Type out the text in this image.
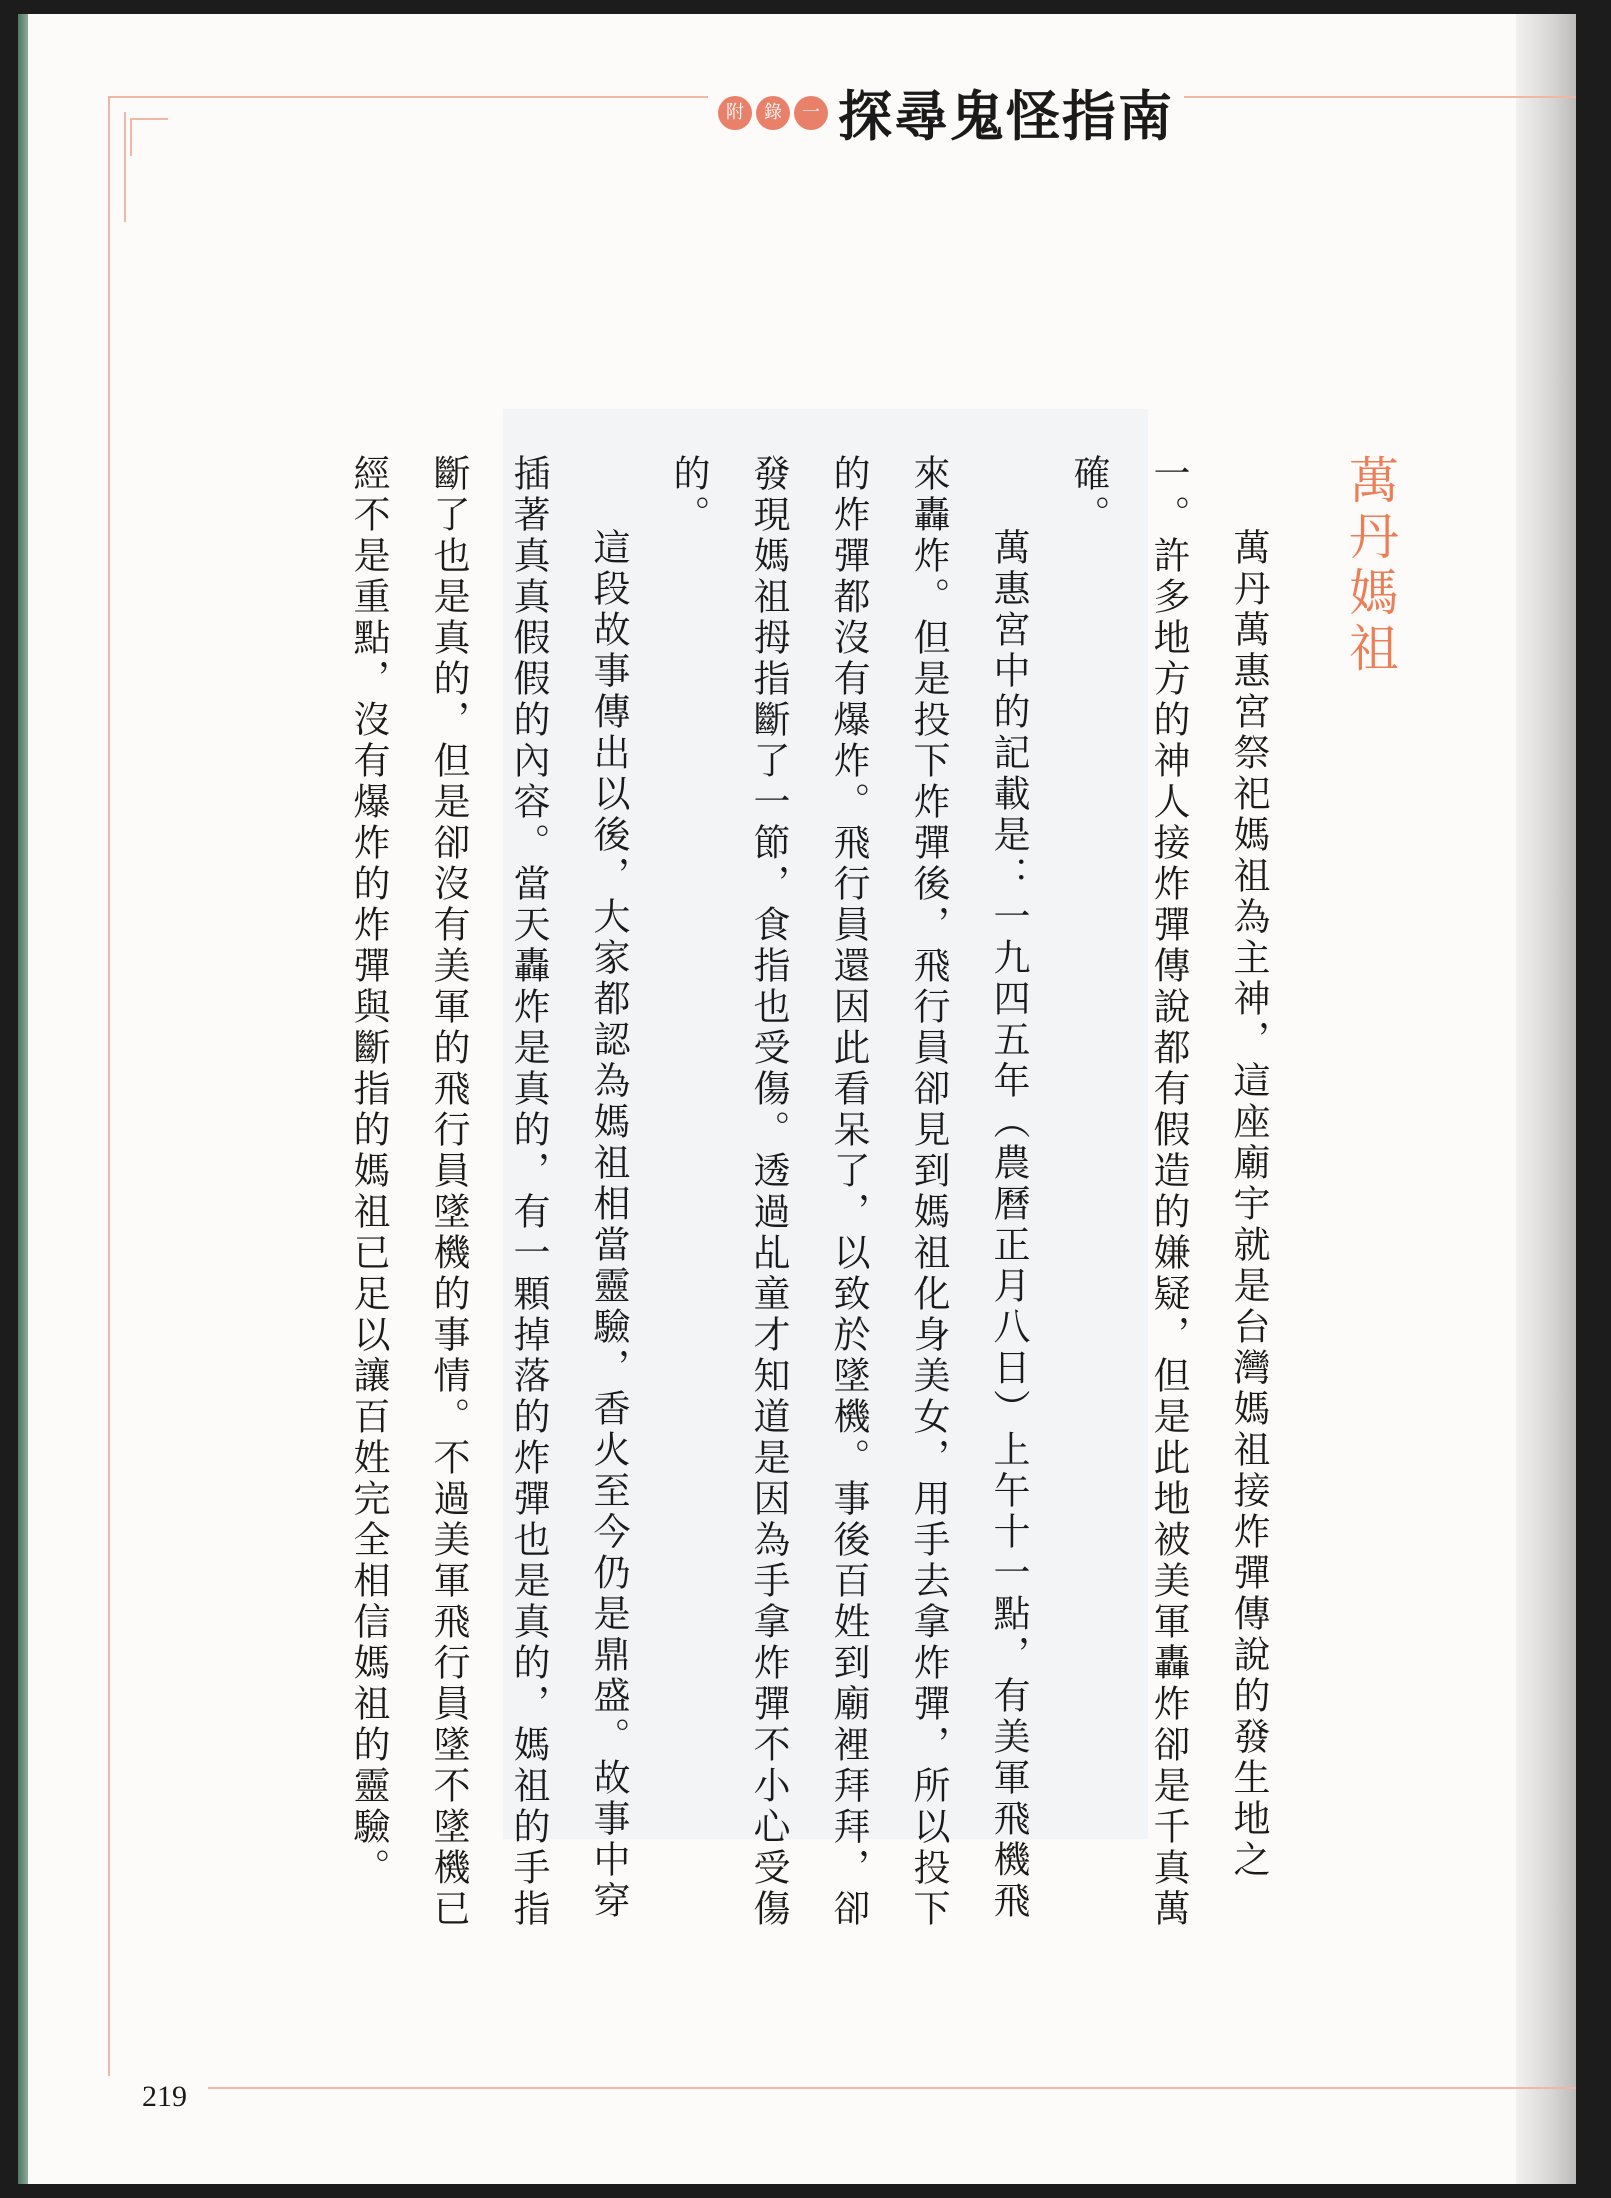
附	錄	一 探尋鬼怪指南
萬丹媽祖

萬丹萬惠宮祭祀媽祖為主神，這座廟宇就是台灣媽祖接炸彈傳說的發生地之一。許多地方的神人接炸彈傳說都有假造的嫌疑，但是此地被美軍轟炸卻是千真萬確。

萬惠宮中的記載是：一九四五年（農曆正月八日）上午十一點，有美軍飛機飛來轟炸。但是投下炸彈後，飛行員卻見到媽祖化身美女，用手去拿炸彈，所以投下的炸彈都沒有爆炸。飛行員還因此看呆了，以致於墜機。事後百姓到廟裡拜拜，卻發現媽祖拇指斷了一節，食指也受傷。透過乩童才知道是因為手拿炸彈不小心受傷的。

這段故事傳出以後，大家都認為媽祖相當靈驗，香火至今仍是鼎盛。故事中穿插著真真假假的內容。當天轟炸是真的，有一顆掉落的炸彈也是真的，媽祖的手指斷了也是真的，但是卻沒有美軍的飛行員墜機的事情。不過美軍飛行員墜不墜機已經不是重點，沒有爆炸的炸彈與斷指的媽祖已足以讓百姓完全相信媽祖的靈驗。

219
